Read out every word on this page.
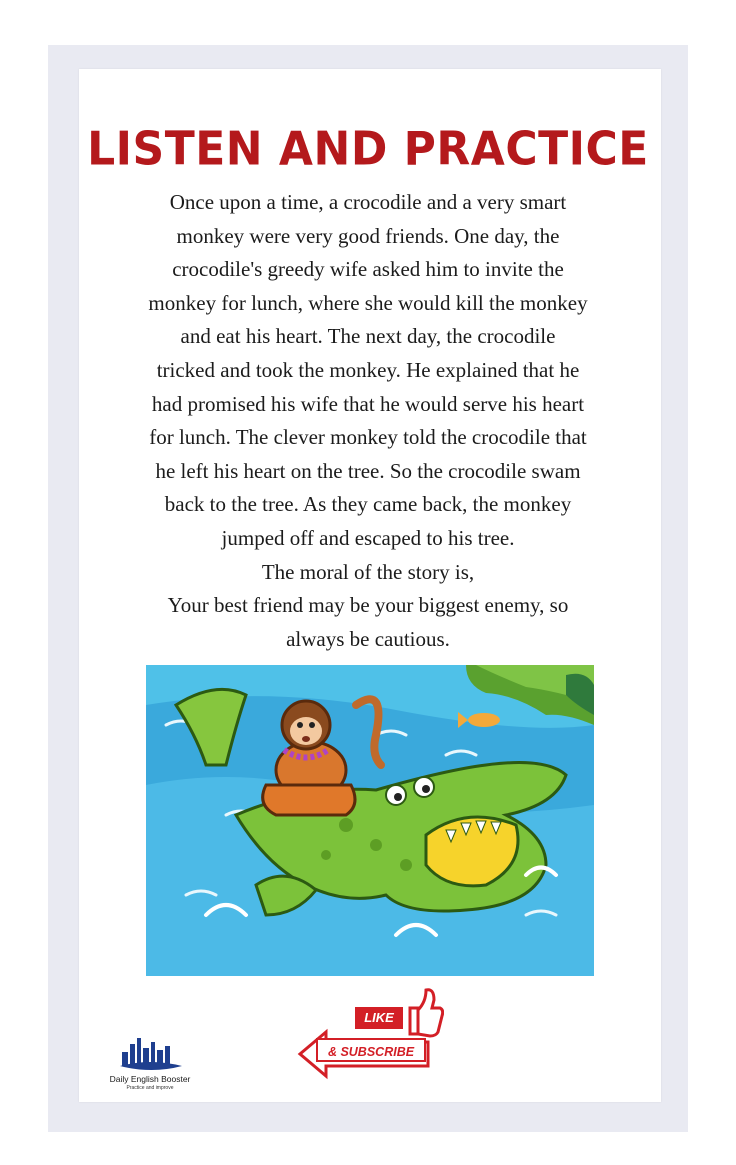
LISTEN AND PRACTICE

Once upon a time, a crocodile and a very smart

monkey were very good friends. One day, the

crocodile's greedy wife asked him to invite the

monkey for lunch, where she would kill the monkey

and eat his heart. The next day, the crocodile

tricked and took the monkey. He explained that he

had promised his wife that he would serve his heart

for lunch. The clever monkey told the crocodile that

he left his heart on the tree. So the crocodile swam

back to the tree. As they came back, the monkey

jumped off and escaped to his tree.

The moral of the story is,

Your best friend may be your biggest enemy, so

always be cautious.

Daily English Booster
Practice and improve
LIKE
& SUBSCRIBE
